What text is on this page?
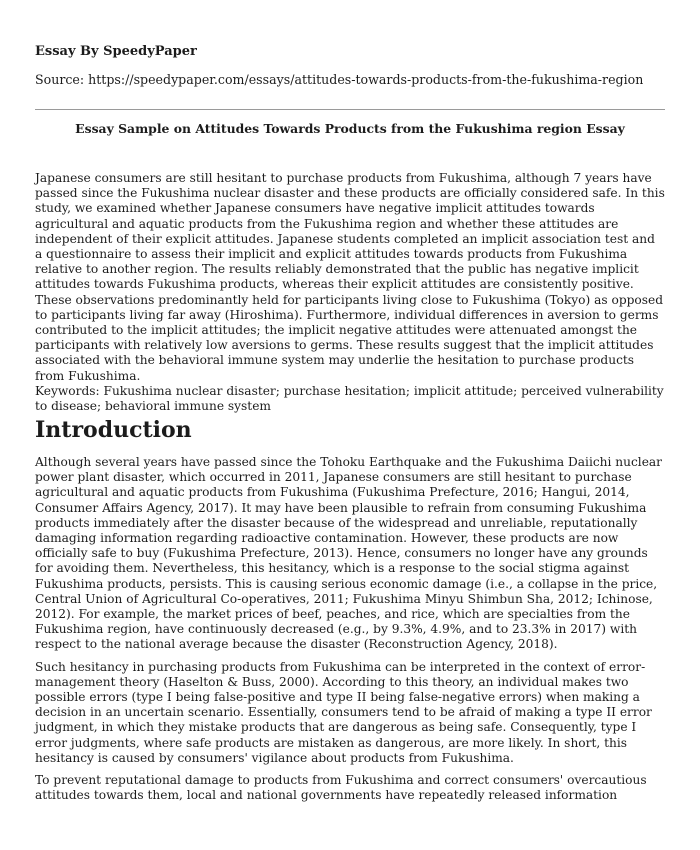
Essay By SpeedyPaper
Source: https://speedypaper.com/essays/attitudes-towards-products-from-the-fukushima-region
Essay Sample on Attitudes Towards Products from the Fukushima region Essay

Japanese consumers are still hesitant to purchase products from Fukushima, although 7 years have passed since the Fukushima nuclear disaster and these products are officially considered safe. In this study, we examined whether Japanese consumers have negative implicit attitudes towards agricultural and aquatic products from the Fukushima region and whether these attitudes are independent of their explicit attitudes. Japanese students completed an implicit association test and a questionnaire to assess their implicit and explicit attitudes towards products from Fukushima relative to another region. The results reliably demonstrated that the public has negative implicit attitudes towards Fukushima products, whereas their explicit attitudes are consistently positive. These observations predominantly held for participants living close to Fukushima (Tokyo) as opposed to participants living far away (Hiroshima). Furthermore, individual differences in aversion to germs contributed to the implicit attitudes; the implicit negative attitudes were attenuated amongst the participants with relatively low aversions to germs. These results suggest that the implicit attitudes associated with the behavioral immune system may underlie the hesitation to purchase products from Fukushima.

Keywords: Fukushima nuclear disaster; purchase hesitation; implicit attitude; perceived vulnerability to disease; behavioral immune system

Introduction

Although several years have passed since the Tohoku Earthquake and the Fukushima Daiichi nuclear power plant disaster, which occurred in 2011, Japanese consumers are still hesitant to purchase agricultural and aquatic products from Fukushima (Fukushima Prefecture, 2016; Hangui, 2014, Consumer Affairs Agency, 2017). It may have been plausible to refrain from consuming Fukushima products immediately after the disaster because of the widespread and unreliable, reputationally damaging information regarding radioactive contamination. However, these products are now officially safe to buy (Fukushima Prefecture, 2013). Hence, consumers no longer have any grounds for avoiding them. Nevertheless, this hesitancy, which is a response to the social stigma against Fukushima products, persists. This is causing serious economic damage (i.e., a collapse in the price, Central Union of Agricultural Co-operatives, 2011; Fukushima Minyu Shimbun Sha, 2012; Ichinose, 2012). For example, the market prices of beef, peaches, and rice, which are specialties from the Fukushima region, have continuously decreased (e.g., by 9.3%, 4.9%, and to 23.3% in 2017) with respect to the national average because the disaster (Reconstruction Agency, 2018).

Such hesitancy in purchasing products from Fukushima can be interpreted in the context of error-management theory (Haselton & Buss, 2000). According to this theory, an individual makes two possible errors (type I being false-positive and type II being false-negative errors) when making a decision in an uncertain scenario. Essentially, consumers tend to be afraid of making a type II error judgment, in which they mistake products that are dangerous as being safe. Consequently, type I error judgments, where safe products are mistaken as dangerous, are more likely. In short, this hesitancy is caused by consumers' vigilance about products from Fukushima.

To prevent reputational damage to products from Fukushima and correct consumers' overcautious attitudes towards them, local and national governments have repeatedly released information
